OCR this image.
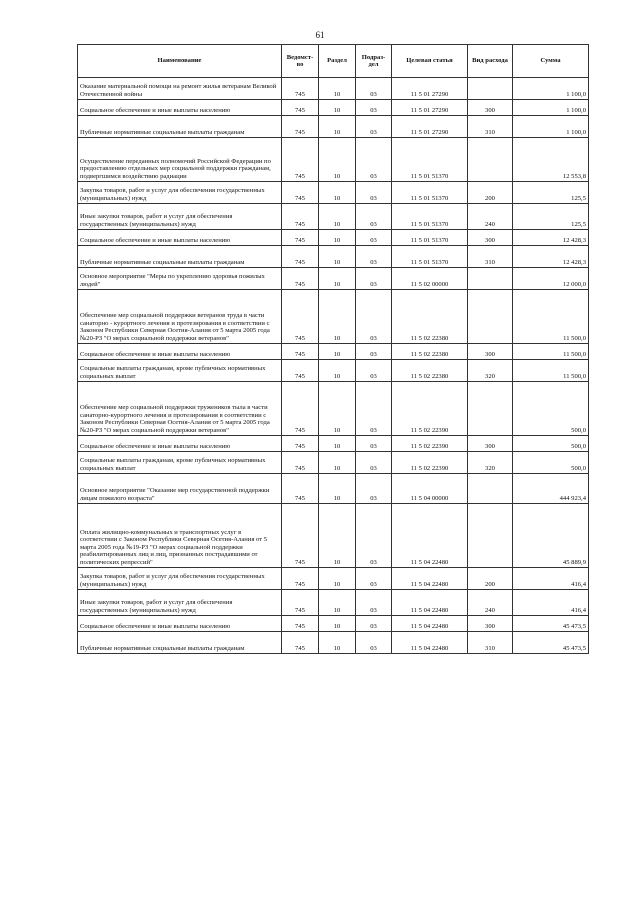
61
Наименование	Ведомст-во	Раздел	Подраз-дел	Целевая статья	Вид расхода	Сумма
Оказание материальной помощи на ремонт жилья ветеранам Великой Отечественной войны	745	10	03	11 5 01 27290		1 100,0
Социальное обеспечение и иные выплаты населению	745	10	03	11 5 01 27290	300	1 100,0
Публичные нормативные социальные выплаты гражданам	745	10	03	11 5 01 27290	310	1 100,0
Осуществление переданных полномочий Российской Федерации по предоставлению отдельных мер социальной поддержки гражданам, подвергшимся воздействию радиации	745	10	03	11 5 01 51370		12 553,8
Закупка товаров, работ и услуг для обеспечения государственных (муниципальных) нужд	745	10	03	11 5 01 51370	200	125,5
Иные закупки товаров, работ и услуг для обеспечения государственных (муниципальных) нужд	745	10	03	11 5 01 51370	240	125,5
Социальное обеспечение и иные выплаты населению	745	10	03	11 5 01 51370	300	12 428,3
Публичные нормативные социальные выплаты гражданам	745	10	03	11 5 01 51370	310	12 428,3
Основное мероприятие "Меры по укреплению здоровья пожилых людей"	745	10	03	11 5 02 00000		12 000,0
Обеспечение мер социальной поддержки ветеранов труда в части санаторно - курортного лечения и протезирования в соответствии с Законом Республики Северная Осетия-Алания от 5 марта 2005 года №20-РЗ "О мерах социальной поддержки ветеранов"	745	10	03	11 5 02 22380		11 500,0
Социальное обеспечение и иные выплаты населению	745	10	03	11 5 02 22380	300	11 500,0
Социальные выплаты гражданам, кроме публичных нормативных социальных выплат	745	10	03	11 5 02 22380	320	11 500,0
Обеспечение мер социальной поддержки тружеников тыла в части санаторно-курортного лечения и протезирования в соответствии с Законом Республики Северная Осетия-Алания от 5 марта 2005 года №20-РЗ "О мерах социальной поддержки ветеранов"	745	10	03	11 5 02 22390		500,0
Социальное обеспечение и иные выплаты населению	745	10	03	11 5 02 22390	300	500,0
Социальные выплаты гражданам, кроме публичных нормативных социальных выплат	745	10	03	11 5 02 22390	320	500,0
Основное мероприятие "Оказание мер государственной поддержки лицам пожилого возраста"	745	10	03	11 5 04 00000		444 923,4
Оплата жилищно-коммунальных и транспортных услуг в соответствии с Законом Республики Северная Осетия-Алания от 5 марта 2005 года №19-РЗ "О мерах социальной поддержки реабилитированных лиц и лиц, признанных пострадавшими от политических репрессий"	745	10	03	11 5 04 22480		45 889,9
Закупка товаров, работ и услуг для обеспечения государственных (муниципальных) нужд	745	10	03	11 5 04 22480	200	416,4
Иные закупки товаров, работ и услуг для обеспечения государственных (муниципальных) нужд	745	10	03	11 5 04 22480	240	416,4
Социальное обеспечение и иные выплаты населению	745	10	03	11 5 04 22480	300	45 473,5
Публичные нормативные социальные выплаты гражданам	745	10	03	11 5 04 22480	310	45 473,5
